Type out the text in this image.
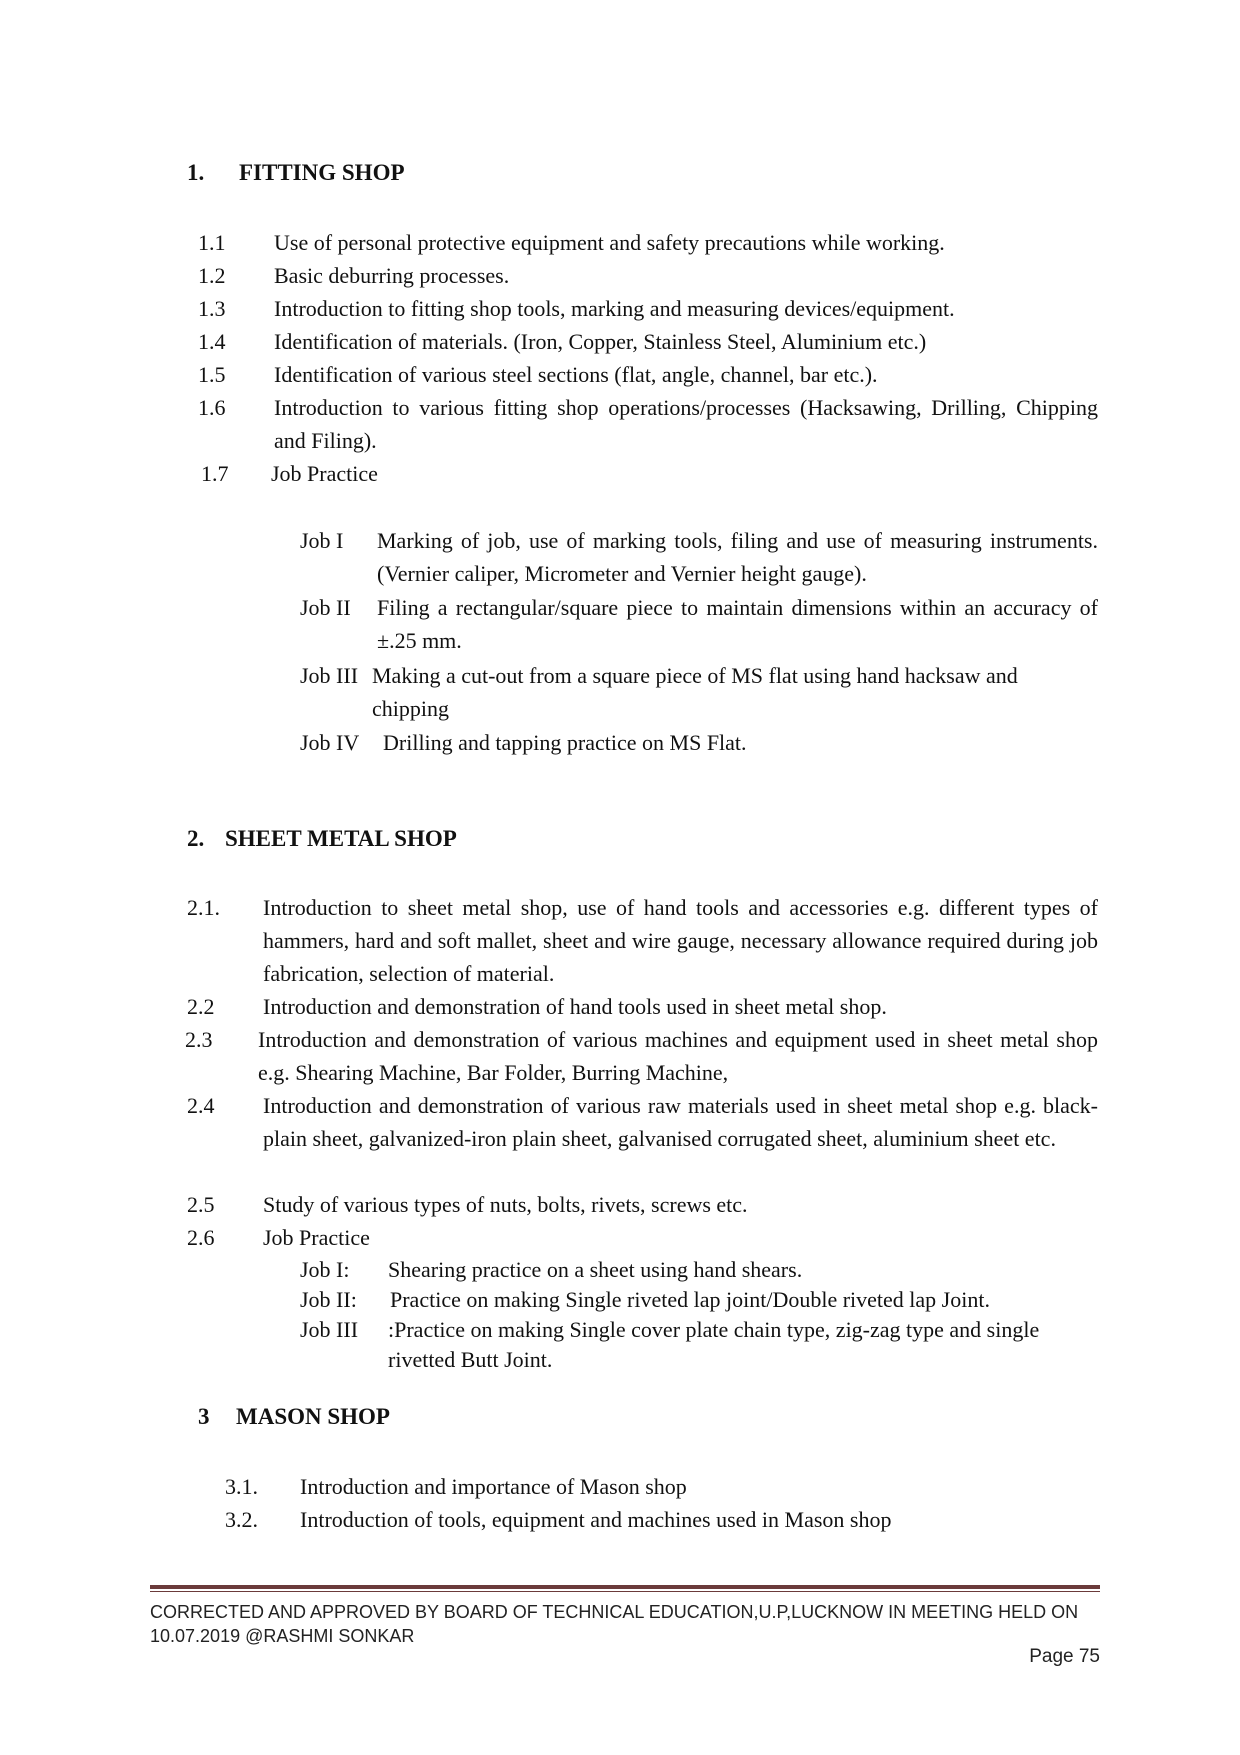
1. FITTING SHOP
1.1 Use of personal protective equipment and safety precautions while working.
1.2 Basic deburring processes.
1.3 Introduction to fitting shop tools, marking and measuring devices/equipment.
1.4 Identification of materials. (Iron, Copper, Stainless Steel, Aluminium etc.)
1.5 Identification of various steel sections (flat, angle, channel, bar etc.).
1.6 Introduction to various fitting shop operations/processes (Hacksawing, Drilling, Chipping and Filing).
1.7 Job Practice
Job I Marking of job, use of marking tools, filing and use of measuring instruments. (Vernier caliper, Micrometer and Vernier height gauge).
Job II Filing a rectangular/square piece to maintain dimensions within an accuracy of ±.25 mm.
Job III Making a cut-out from a square piece of MS flat using hand hacksaw and chipping
Job IV Drilling and tapping practice on MS Flat.
2. SHEET METAL SHOP
2.1. Introduction to sheet metal shop, use of hand tools and accessories e.g. different types of hammers, hard and soft mallet, sheet and wire gauge, necessary allowance required during job fabrication, selection of material.
2.2 Introduction and demonstration of hand tools used in sheet metal shop.
2.3 Introduction and demonstration of various machines and equipment used in sheet metal shop e.g. Shearing Machine, Bar Folder, Burring Machine,
2.4 Introduction and demonstration of various raw materials used in sheet metal shop e.g. black-plain sheet, galvanized-iron plain sheet, galvanised corrugated sheet, aluminium sheet etc.
2.5 Study of various types of nuts, bolts, rivets, screws etc.
2.6 Job Practice
Job I: Shearing practice on a sheet using hand shears.
Job II: Practice on making Single riveted lap joint/Double riveted lap Joint.
Job III :Practice on making Single cover plate chain type, zig-zag type and single rivetted Butt Joint.
3 MASON SHOP
3.1. Introduction and importance of Mason shop
3.2. Introduction of tools, equipment and machines used in Mason shop
CORRECTED AND APPROVED BY BOARD OF TECHNICAL EDUCATION,U.P,LUCKNOW IN MEETING HELD ON 10.07.2019 @RASHMI SONKAR
Page 75
